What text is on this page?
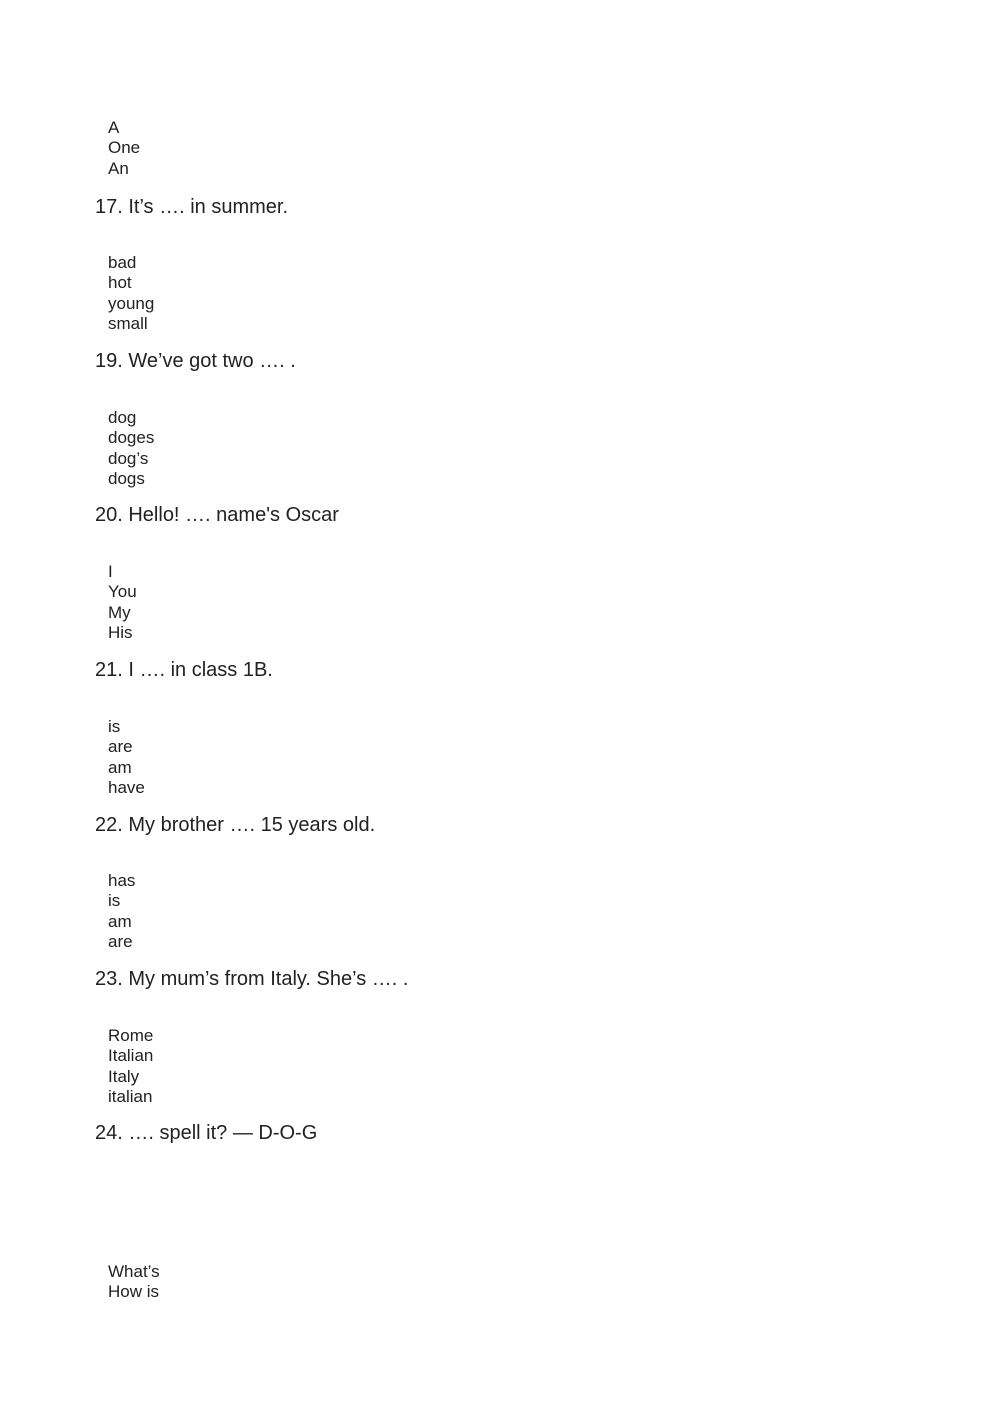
A
One
An

17. It’s …. in summer.

bad
hot
young
small

19. We’ve got two …. .

dog
doges
dog’s
dogs

20. Hello! …. name's Oscar

I
You
My
His

21. I …. in class 1B.

is
are
am
have

22. My brother …. 15 years old.

has
is
am
are

23. My mum’s from Italy. She’s …. .

Rome
Italian
Italy
italian

24. …. spell it? — D-O-G

What’s
How is
